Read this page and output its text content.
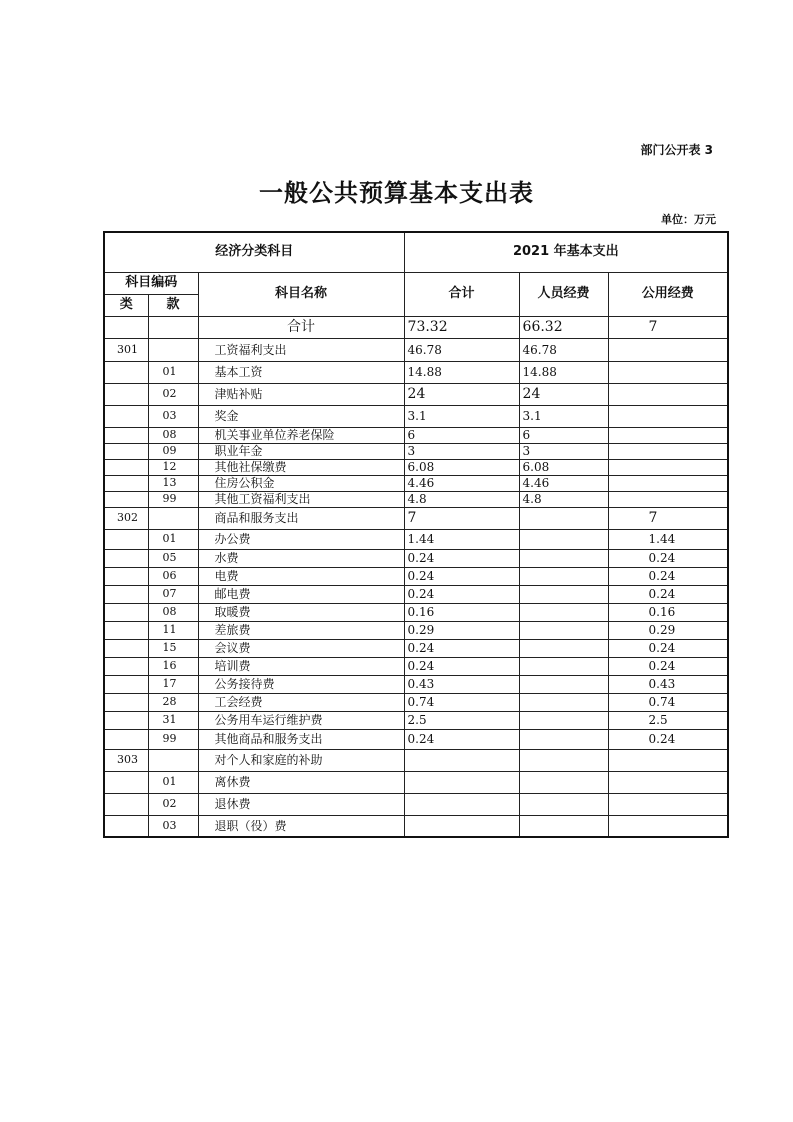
部门公开表 3
一般公共预算基本支出表
单位：万元
经济分类科目			2021 年基本支出		
科目编码		科目名称	合计	人员经费	公用经费
类	款				
		合计	73.32	66.32	7
301		工资福利支出	46.78	46.78	
	01	基本工资	14.88	14.88	
	02	津贴补贴	24	24	
	03	奖金	3.1	3.1	
	08	机关事业单位养老保险	6	6	
	09	职业年金	3	3	
	12	其他社保缴费	6.08	6.08	
	13	住房公积金	4.46	4.46	
	99	其他工资福利支出	4.8	4.8	
302		商品和服务支出	7		7
	01	办公费	1.44		1.44
	05	水费	0.24		0.24
	06	电费	0.24		0.24
	07	邮电费	0.24		0.24
	08	取暖费	0.16		0.16
	11	差旅费	0.29		0.29
	15	会议费	0.24		0.24
	16	培训费	0.24		0.24
	17	公务接待费	0.43		0.43
	28	工会经费	0.74		0.74
	31	公务用车运行维护费	2.5		2.5
	99	其他商品和服务支出	0.24		0.24
303		对个人和家庭的补助			
	01	离休费			
	02	退休费			
	03	退职（役）费			
